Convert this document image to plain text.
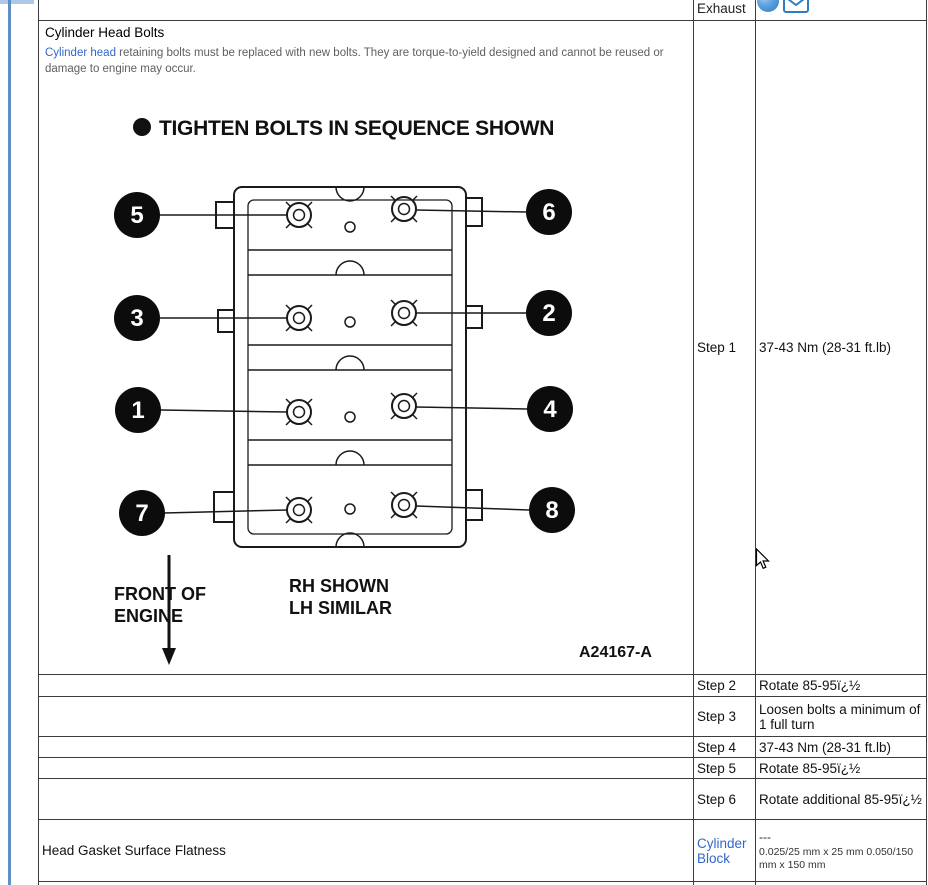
	Exhaust	

Cylinder Head Bolts
Cylinder head retaining bolts must be replaced with new bolts. They are torque-to-yield designed and cannot be reused or damage to engine may occur.
TIGHTEN BOLTS IN SEQUENCE SHOWN
5	6
3	2
1	4
7	8
FRONT OF
ENGINE
RH SHOWN
LH SIMILAR
A24167-A
	Step 1	37-43 Nm (28-31 ft.lb)
	Step 2	Rotate 85-95ï¿½
	Step 3	Loosen bolts a minimum of 1 full turn
	Step 4	37-43 Nm (28-31 ft.lb)
	Step 5	Rotate 85-95ï¿½
	Step 6	Rotate additional 85-95ï¿½
Head Gasket Surface Flatness	Cylinder Block	---
0.025/25 mm x 25 mm 0.050/150 mm x 150 mm
